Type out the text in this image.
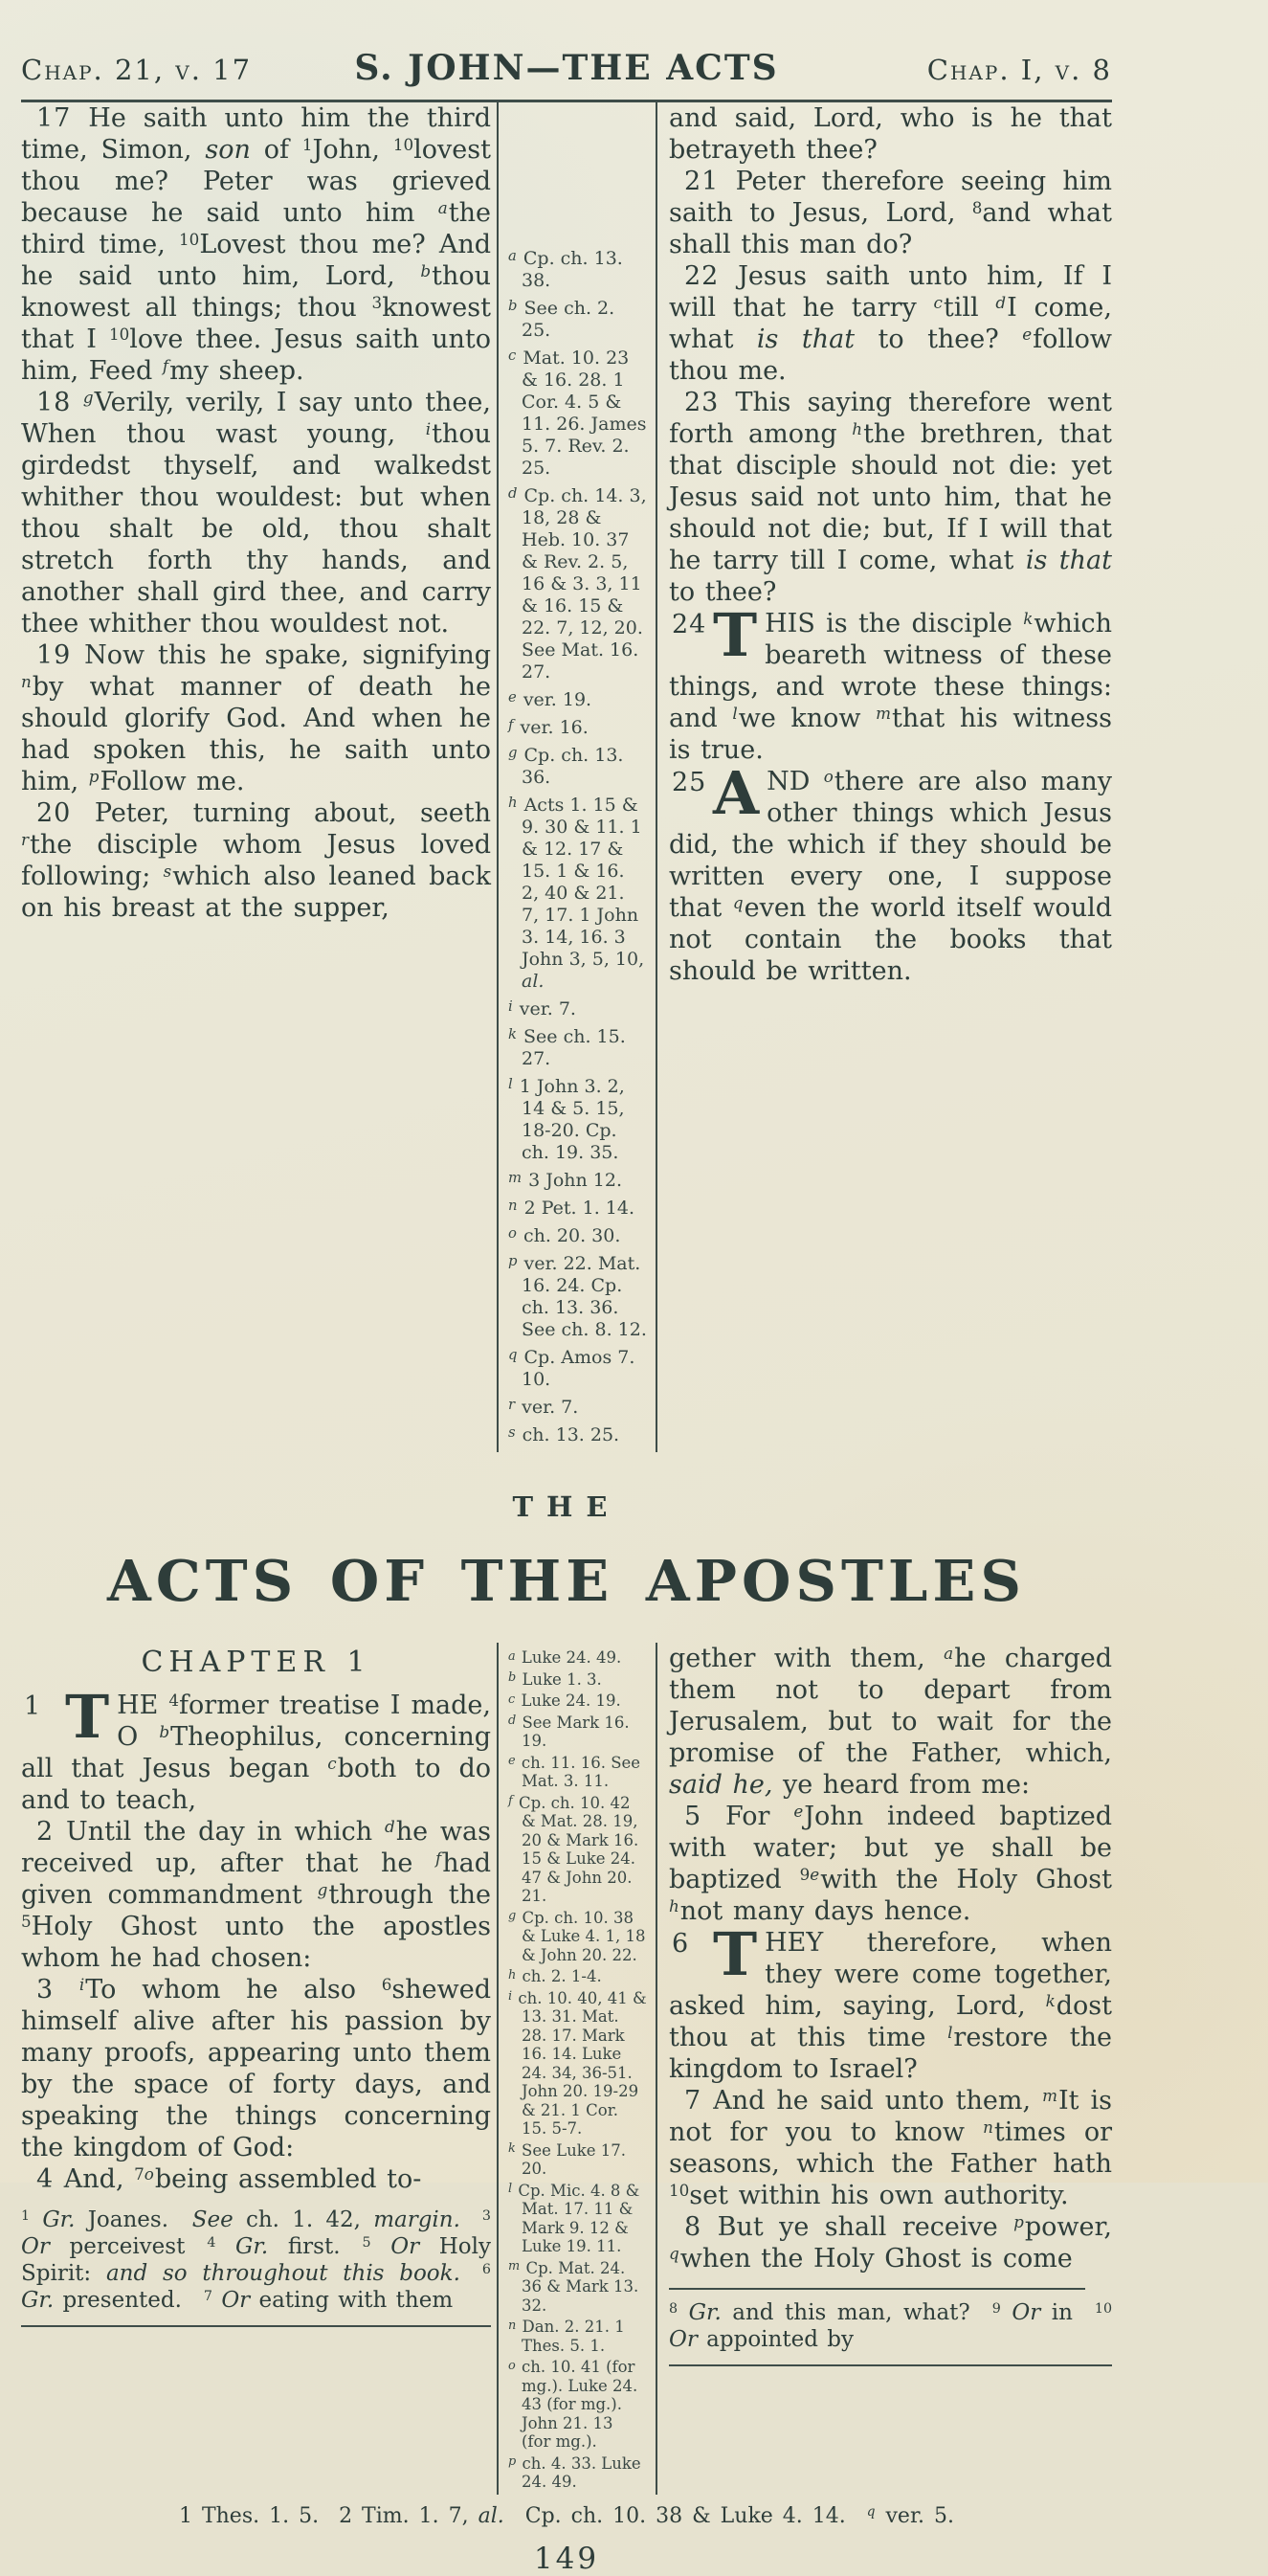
Chap. 21, v. 17	S. JOHN—THE ACTS	Chap. I, v. 8

17 He saith unto him the third time, Simon, son of $^1$John, $^{10}$lovest thou me? Peter was grieved because he said unto him $^a$the third time, $^{10}$Lovest thou me? And he said unto him, Lord, $^b$thou knowest all things; thou $^3$knowest that I $^{10}$love thee. Jesus saith unto him, Feed $^f$my sheep.

18 $^g$Verily, verily, I say unto thee, When thou wast young, $^i$thou girdedst thyself, and walkedst whither thou wouldest: but when thou shalt be old, thou shalt stretch forth thy hands, and another shall gird thee, and carry thee whither thou wouldest not.

19 Now this he spake, signifying $^n$by what manner of death he should glorify God. And when he had spoken this, he saith unto him, $^p$Follow me.

20 Peter, turning about, seeth $^r$the disciple whom Jesus loved following; $^s$which also leaned back on his breast at the supper,

$^a$ Cp. ch. 13. 38.

$^b$ See ch. 2. 25.

$^c$ Mat. 10. 23 & 16. 28. 1 Cor. 4. 5 & 11. 26. James 5. 7. Rev. 2. 25.

$^d$ Cp. ch. 14. 3, 18, 28 & Heb. 10. 37 & Rev. 2. 5, 16 & 3. 3, 11 & 16. 15 & 22. 7, 12, 20. See Mat. 16. 27.

$^e$ ver. 19.

$^f$ ver. 16.

$^g$ Cp. ch. 13. 36.

$^h$ Acts 1. 15 & 9. 30 & 11. 1 & 12. 17 & 15. 1 & 16. 2, 40 & 21. 7, 17. 1 John 3. 14, 16. 3 John 3, 5, 10, al.

$^i$ ver. 7.

$^k$ See ch. 15. 27.

$^l$ 1 John 3. 2, 14 & 5. 15, 18-20. Cp. ch. 19. 35.

$^m$ 3 John 12.

$^n$ 2 Pet. 1. 14.

$^o$ ch. 20. 30.

$^p$ ver. 22. Mat. 16. 24. Cp. ch. 13. 36. See ch. 8. 12.

$^q$ Cp. Amos 7. 10.

$^r$ ver. 7.

$^s$ ch. 13. 25.

and said, Lord, who is he that betrayeth thee?

21 Peter therefore seeing him saith to Jesus, Lord, $^8$and what shall this man do?

22 Jesus saith unto him, If I will that he tarry $^c$till $^d$I come, what is that to thee? $^e$follow thou me.

23 This saying therefore went forth among $^h$the brethren, that that disciple should not die: yet Jesus said not unto him, that he should not die; but, If I will that he tarry till I come, what is that to thee?

24 T HIS is the disciple $^k$which beareth witness of these things, and wrote these things: and $^l$we know $^m$that his witness is true.

25 A ND $^o$there are also many other things which Jesus did, the which if they should be written every one, I suppose that $^q$even the world itself would not contain the books that should be written.

THE
ACTS OF THE APOSTLES
CHAPTER 1

1 T HE $^4$former treatise I made, O $^b$Theophilus, concerning all that Jesus began $^c$both to do and to teach,

2 Until the day in which $^d$he was received up, after that he $^f$had given commandment $^g$through the $^5$Holy Ghost unto the apostles whom he had chosen:

3 $^i$To whom he also $^6$shewed himself alive after his passion by many proofs, appearing unto them by the space of forty days, and speaking the things concerning the kingdom of God:

4 And, $^{7o}$being assembled to-

$^1$ Gr. Joanes.  See ch. 1. 42, margin.  $^3$ Or perceivest $^4$ Gr. first. $^5$ Or Holy Spirit: and so throughout this book.  $^6$ Gr. presented. $^7$ Or eating with them

$^a$ Luke 24. 49.

$^b$ Luke 1. 3.

$^c$ Luke 24. 19.

$^d$ See Mark 16. 19.

$^e$ ch. 11. 16. See Mat. 3. 11.

$^f$ Cp. ch. 10. 42 & Mat. 28. 19, 20 & Mark 16. 15 & Luke 24. 47 & John 20. 21.

$^g$ Cp. ch. 10. 38 & Luke 4. 1, 18 & John 20. 22.

$^h$ ch. 2. 1-4.

$^i$ ch. 10. 40, 41 & 13. 31. Mat. 28. 17. Mark 16. 14. Luke 24. 34, 36-51. John 20. 19-29 & 21. 1 Cor. 15. 5-7.

$^k$ See Luke 17. 20.

$^l$ Cp. Mic. 4. 8 & Mat. 17. 11 & Mark 9. 12 & Luke 19. 11.

$^m$ Cp. Mat. 24. 36 & Mark 13. 32.

$^n$ Dan. 2. 21. 1 Thes. 5. 1.

$^o$ ch. 10. 41 (for mg.). Luke 24. 43 (for mg.). John 21. 13 (for mg.).

$^p$ ch. 4. 33. Luke 24. 49.

gether with them, $^a$he charged them not to depart from Jerusalem, but to wait for the promise of the Father, which, said he, ye heard from me:

5 For $^e$John indeed baptized with water; but ye shall be baptized $^{9e}$with the Holy Ghost $^h$not many days hence.

6 T HEY therefore, when they were come together, asked him, saying, Lord, $^k$dost thou at this time $^l$restore the kingdom to Israel?

7 And he said unto them, $^m$It is not for you to know $^n$times or seasons, which the Father hath $^{10}$set within his own authority.

8 But ye shall receive $^p$power, $^q$when the Holy Ghost is come

$^8$ Gr. and this man, what? $^9$ Or in $^{10}$ Or appointed by
1 Thes. 1. 5.  2 Tim. 1. 7, al. Cp. ch. 10. 38 & Luke 4. 14. $^q$ ver. 5.
149
